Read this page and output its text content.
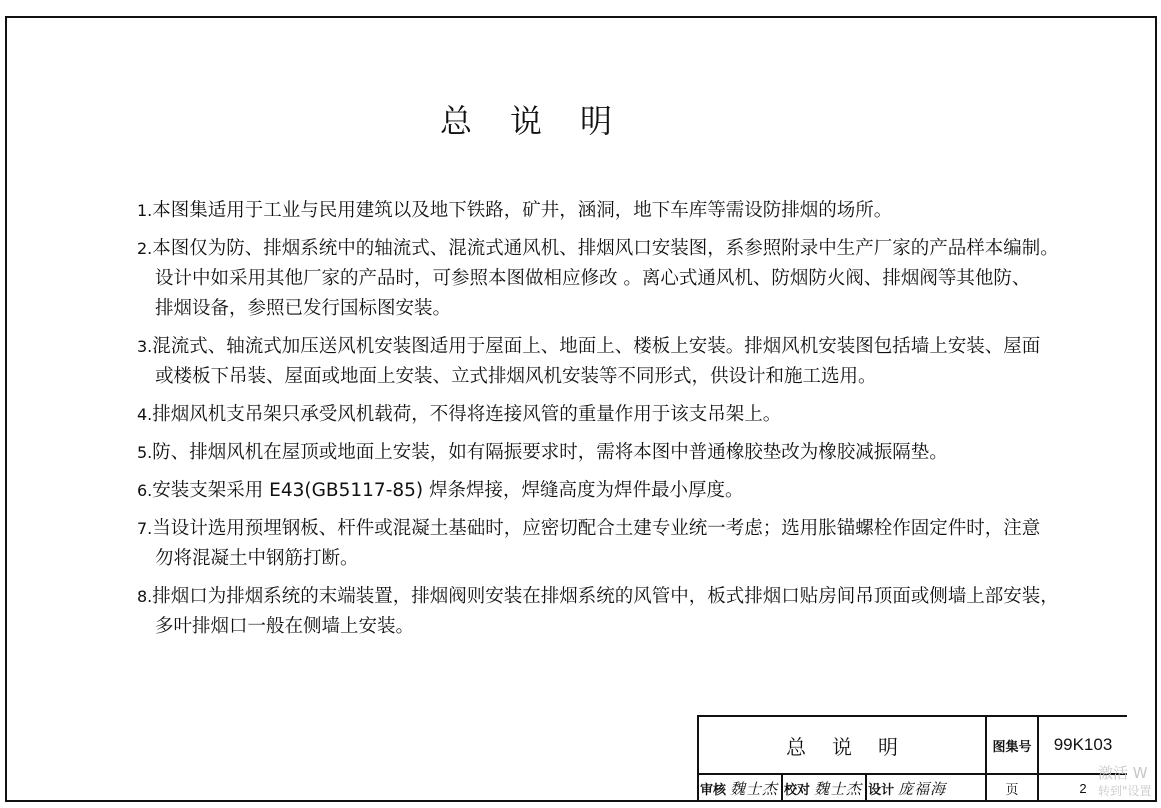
总说明
1.本图集适用于工业与民用建筑以及地下铁路，矿井，涵洞，地下车库等需设防排烟的场所。
2.本图仅为防、排烟系统中的轴流式、混流式通风机、排烟风口安装图，系参照附录中生产厂家的产品样本编制。
设计中如采用其他厂家的产品时，可参照本图做相应修改 。离心式通风机、防烟防火阀、排烟阀等其他防、
排烟设备，参照已发行国标图安装。
3.混流式、轴流式加压送风机安装图适用于屋面上、地面上、楼板上安装。排烟风机安装图包括墙上安装、屋面
或楼板下吊装、屋面或地面上安装、立式排烟风机安装等不同形式，供设计和施工选用。
4.排烟风机支吊架只承受风机载荷，不得将连接风管的重量作用于该支吊架上。
5.防、排烟风机在屋顶或地面上安装，如有隔振要求时，需将本图中普通橡胶垫改为橡胶减振隔垫。
6.安装支架采用 E43(GB5117-85) 焊条焊接，焊缝高度为焊件最小厚度。
7.当设计选用预埋钢板、杆件或混凝土基础时，应密切配合土建专业统一考虑；选用胀锚螺栓作固定件时，注意
勿将混凝土中钢筋打断。
8.排烟口为排烟系统的末端装置，排烟阀则安装在排烟系统的风管中，板式排烟口贴房间吊顶面或侧墙上部安装，
多叶排烟口一般在侧墙上安装。
总说明	图集号	99K103
审核 魏士杰 校对 魏士杰 设计 庞福海	页	2
激活 W
转到"设置
